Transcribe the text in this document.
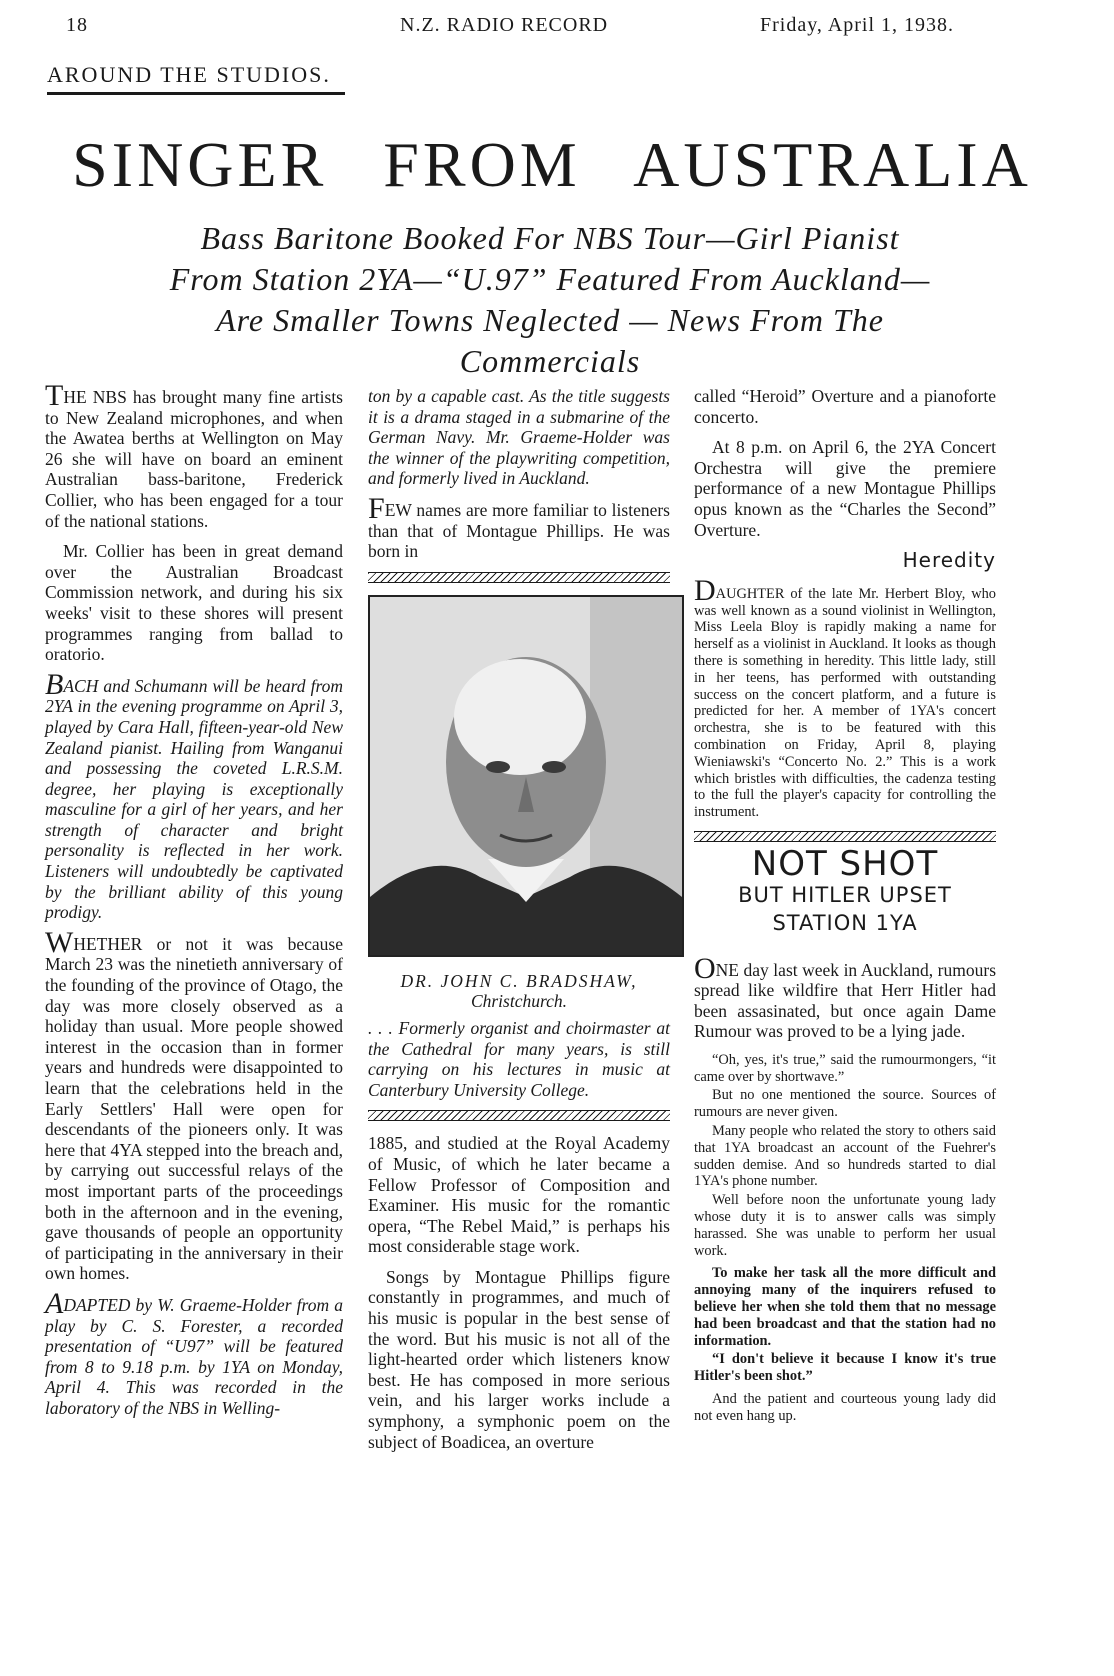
18	N.Z. RADIO RECORD	Friday, April 1, 1938.
AROUND THE STUDIOS.
SINGER FROM AUSTRALIA
Bass Baritone Booked For NBS Tour—Girl Pianist From Station 2YA—“U.97” Featured From Auckland—Are Smaller Towns Neglected — News From The Commercials

THE NBS has brought many fine artists to New Zealand microphones, and when the Awatea berths at Wellington on May 26 she will have on board an eminent Australian bass-baritone, Frederick Collier, who has been engaged for a tour of the national stations.

Mr. Collier has been in great demand over the Australian Broadcast Commission network, and during his six weeks' visit to these shores will present programmes ranging from ballad to oratorio.

BACH and Schumann will be heard from 2YA in the evening programme on April 3, played by Cara Hall, fifteen-year-old New Zealand pianist. Hailing from Wanganui and possessing the coveted L.R.S.M. degree, her playing is exceptionally masculine for a girl of her years, and her strength of character and bright personality is reflected in her work. Listeners will undoubtedly be captivated by the brilliant ability of this young prodigy.

WHETHER or not it was because March 23 was the ninetieth anniversary of the founding of the province of Otago, the day was more closely observed as a holiday than usual. More people showed interest in the occasion than in former years and hundreds were disappointed to learn that the celebrations held in the Early Settlers' Hall were open for descendants of the pioneers only. It was here that 4YA stepped into the breach and, by carrying out successful relays of the most important parts of the proceedings both in the afternoon and in the evening, gave thousands of people an opportunity of participating in the anniversary in their own homes.

ADAPTED by W. Graeme-Holder from a play by C. S. Forester, a recorded presentation of “U97” will be featured from 8 to 9.18 p.m. by 1YA on Monday, April 4. This was recorded in the laboratory of the NBS in Welling-

ton by a capable cast. As the title suggests it is a drama staged in a submarine of the German Navy. Mr. Graeme-Holder was the winner of the playwriting competition, and formerly lived in Auckland.

FEW names are more familiar to listeners than that of Montague Phillips. He was born in

DR. JOHN C. BRADSHAW,

Christchurch.

. . . Formerly organist and choirmaster at the Cathedral for many years, is still carrying on his lectures in music at Canterbury University College.

1885, and studied at the Royal Academy of Music, of which he later became a Fellow Professor of Composition and Examiner. His music for the romantic opera, “The Rebel Maid,” is perhaps his most considerable stage work.

Songs by Montague Phillips figure constantly in programmes, and much of his music is popular in the best sense of the word. But his music is not all of the light-hearted order which listeners know best. He has composed in more serious vein, and his larger works include a symphony, a symphonic poem on the subject of Boadicea, an overture

called “Heroid” Overture and a pianoforte concerto.

At 8 p.m. on April 6, the 2YA Concert Orchestra will give the premiere performance of a new Montague Phillips opus known as the “Charles the Second” Overture.

Heredity

DAUGHTER of the late Mr. Herbert Bloy, who was well known as a sound violinist in Wellington, Miss Leela Bloy is rapidly making a name for herself as a violinist in Auckland. It looks as though there is something in heredity. This little lady, still in her teens, has performed with outstanding success on the concert platform, and a future is predicted for her. A member of 1YA's concert orchestra, she is to be featured with this combination on Friday, April 8, playing Wieniawski's “Concerto No. 2.” This is a work which bristles with difficulties, the cadenza testing to the full the player's capacity for controlling the instrument.

NOT SHOT
BUT HITLER UPSET
STATION 1YA

ONE day last week in Auckland, rumours spread like wildfire that Herr Hitler had been assasinated, but once again Dame Rumour was proved to be a lying jade.

“Oh, yes, it's true,” said the rumourmongers, “it came over by shortwave.”

But no one mentioned the source. Sources of rumours are never given.

Many people who related the story to others said that 1YA broadcast an account of the Fuehrer's sudden demise. And so hundreds started to dial 1YA's phone number.

Well before noon the unfortunate young lady whose duty it is to answer calls was simply harassed. She was unable to perform her usual work.

To make her task all the more difficult and annoying many of the inquirers refused to believe her when she told them that no message had been broadcast and that the station had no information.

“I don't believe it because I know it's true Hitler's been shot.”

And the patient and courteous young lady did not even hang up.
